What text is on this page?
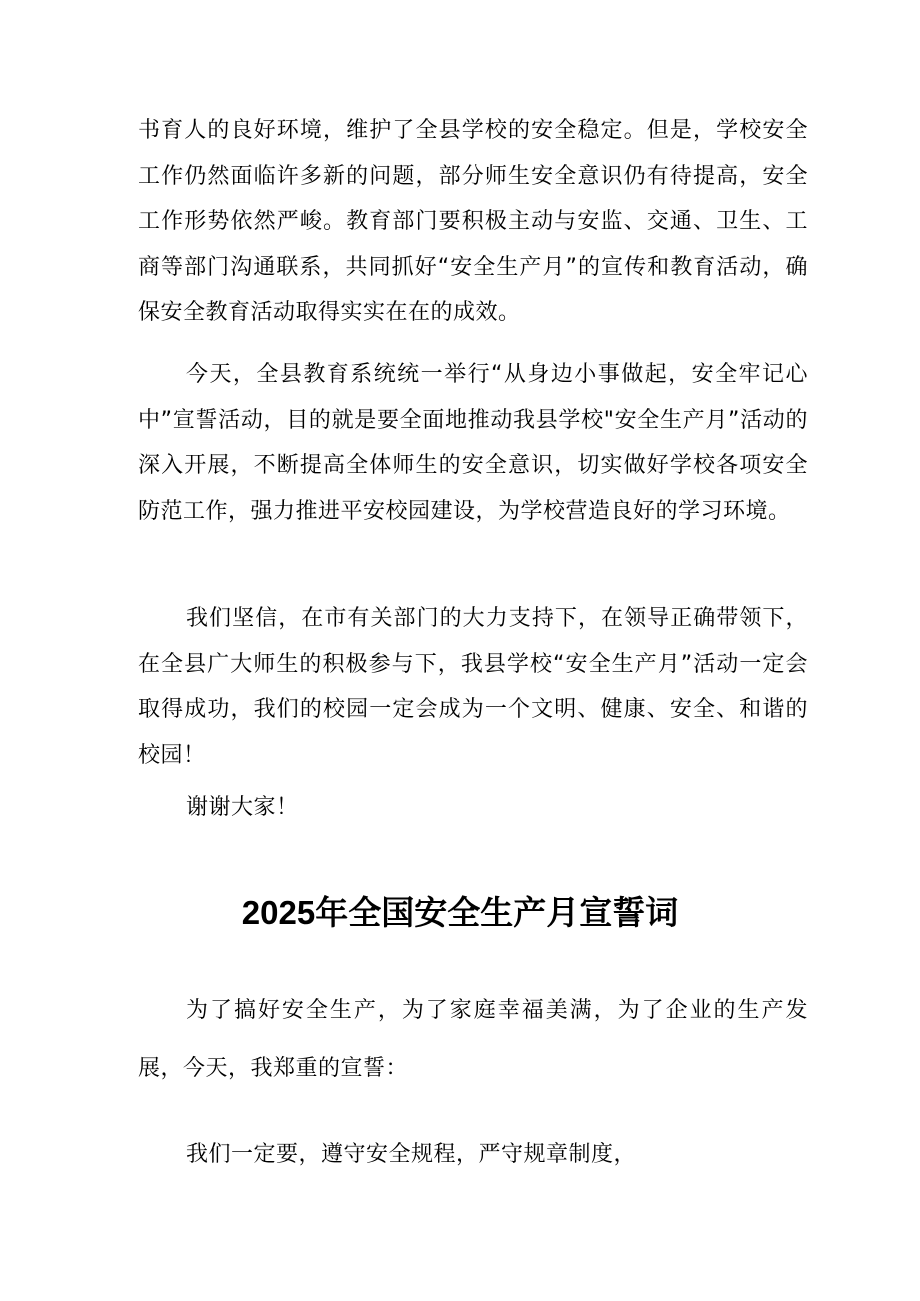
书育人的良好环境，维护了全县学校的安全稳定。但是，学校安全工作仍然面临许多新的问题，部分师生安全意识仍有待提高，安全工作形势依然严峻。教育部门要积极主动与安监、交通、卫生、工商等部门沟通联系，共同抓好“安全生产月”的宣传和教育活动，确保安全教育活动取得实实在在的成效。

今天，全县教育系统统一举行“从身边小事做起，安全牢记心中”宣誓活动，目的就是要全面地推动我县学校"安全生产月”活动的深入开展，不断提高全体师生的安全意识，切实做好学校各项安全防范工作，强力推进平安校园建设，为学校营造良好的学习环境。

我们坚信，在市有关部门的大力支持下，在领导正确带领下，在全县广大师生的积极参与下，我县学校“安全生产月”活动一定会取得成功，我们的校园一定会成为一个文明、健康、安全、和谐的校园！

谢谢大家！

2025年全国安全生产月宣誓词

为了搞好安全生产，为了家庭幸福美满，为了企业的生产发展，今天，我郑重的宣誓：

我们一定要，遵守安全规程，严守规章制度，
